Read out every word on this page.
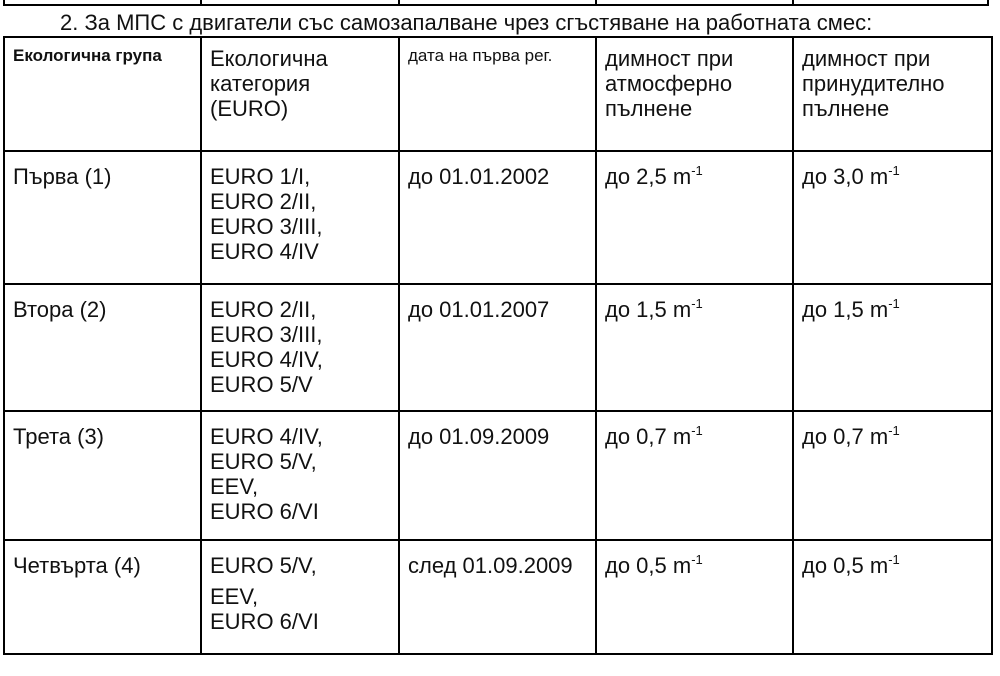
2. За МПС с двигатели със самозапалване чрез сгъстяване на работната смес:
Екологична група	Екологична категория (EURO)	дата на първа рег.	димност при атмосферно пълнене	димност при принудително пълнене
Първа (1)	EURO 1/I,
EURO 2/II,
EURO 3/III,
EURO 4/IV	до 01.01.2002	до 2,5 $m^{-1}$	до 3,0 $m^{-1}$
Втора (2)	EURO 2/II,
EURO 3/III,
EURO 4/IV,
EURO 5/V	до 01.01.2007	до 1,5 $m^{-1}$	до 1,5 $m^{-1}$
Трета (3)	EURO 4/IV,
EURO 5/V,
EEV,
EURO 6/VI	до 01.09.2009	до 0,7 $m^{-1}$	до 0,7 $m^{-1}$
Четвърта (4)	EURO 5/V,
EEV,
EURO 6/VI	след 01.09.2009	до 0,5 $m^{-1}$	до 0,5 $m^{-1}$
